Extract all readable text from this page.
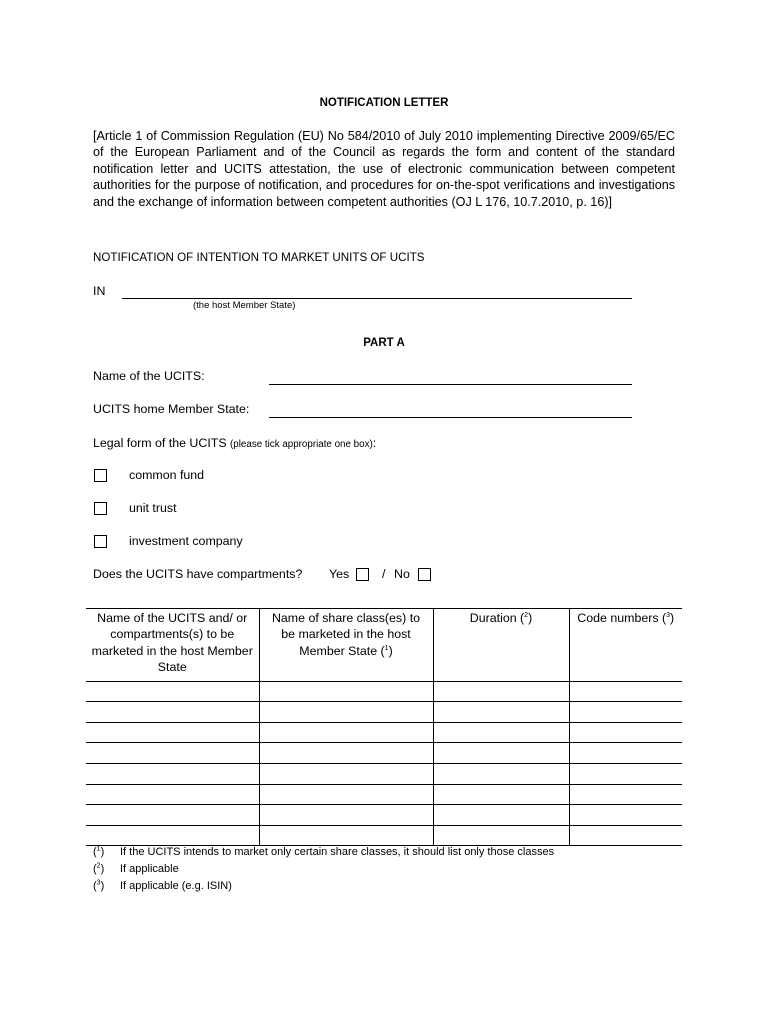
NOTIFICATION LETTER
[Article 1 of Commission Regulation (EU) No 584/2010 of July 2010 implementing Directive 2009/65/EC of the European Parliament and of the Council as regards the form and content of the standard notification letter and UCITS attestation, the use of electronic communication between competent authorities for the purpose of notification, and procedures for on-the-spot verifications and investigations and the exchange of information between competent authorities (OJ L 176, 10.7.2010, p. 16)]
NOTIFICATION OF INTENTION TO MARKET UNITS OF UCITS
IN
(the host Member State)
PART A
Name of the UCITS:
UCITS home Member State:
Legal form of the UCITS (please tick appropriate one box):
common fund
unit trust
investment company
Does the UCITS have compartments? Yes	/ No
Name of the UCITS and/ or compartments(s) to be marketed in the host Member State	Name of share class(es) to be marketed in the host Member State ($^1$)	Duration ($^2$)	Code numbers ($^3$)

($^1$) If the UCITS intends to market only certain share classes, it should list only those classes
($^2$) If applicable
($^3$) If applicable (e.g. ISIN)
